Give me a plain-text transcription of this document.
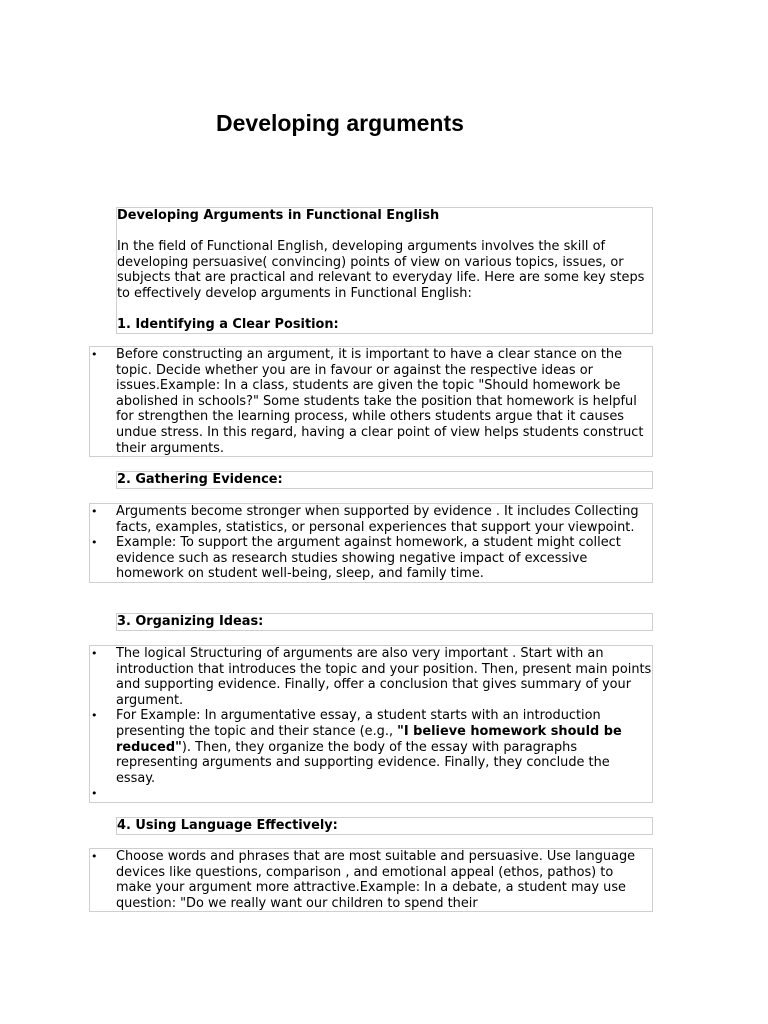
Developing arguments

Developing Arguments in Functional English

In the field of Functional English, developing arguments involves the skill of developing persuasive( convincing) points of view on various topics, issues, or subjects that are practical and relevant to everyday life. Here are some key steps to effectively develop arguments in Functional English:

1. Identifying a Clear Position:

• Before constructing an argument, it is important to have a clear stance on the topic. Decide whether you are in favour or against the respective ideas or issues.Example: In a class, students are given the topic "Should homework be abolished in schools?" Some students take the position that homework is helpful for strengthen the learning process, while others students argue that it causes undue stress. In this regard, having a clear point of view helps students construct their arguments.

2. Gathering Evidence:

• Arguments become stronger when supported by evidence . It includes Collecting facts, examples, statistics, or personal experiences that support your viewpoint.
• Example: To support the argument against homework, a student might collect evidence such as research studies showing negative impact of excessive homework on student well-being, sleep, and family time.

3. Organizing Ideas:

• The logical Structuring of arguments are also very important . Start with an introduction that introduces the topic and your position. Then, present main points and supporting evidence. Finally, offer a conclusion that gives summary of your argument.
• For Example: In argumentative essay, a student starts with an introduction presenting the topic and their stance (e.g., "I believe homework should be reduced"). Then, they organize the body of the essay with paragraphs representing arguments and supporting evidence. Finally, they conclude the essay.
•

4. Using Language Effectively:

• Choose words and phrases that are most suitable and persuasive. Use language devices like questions, comparison , and emotional appeal (ethos, pathos) to make your argument more attractive.Example: In a debate, a student may use question: "Do we really want our children to spend their
